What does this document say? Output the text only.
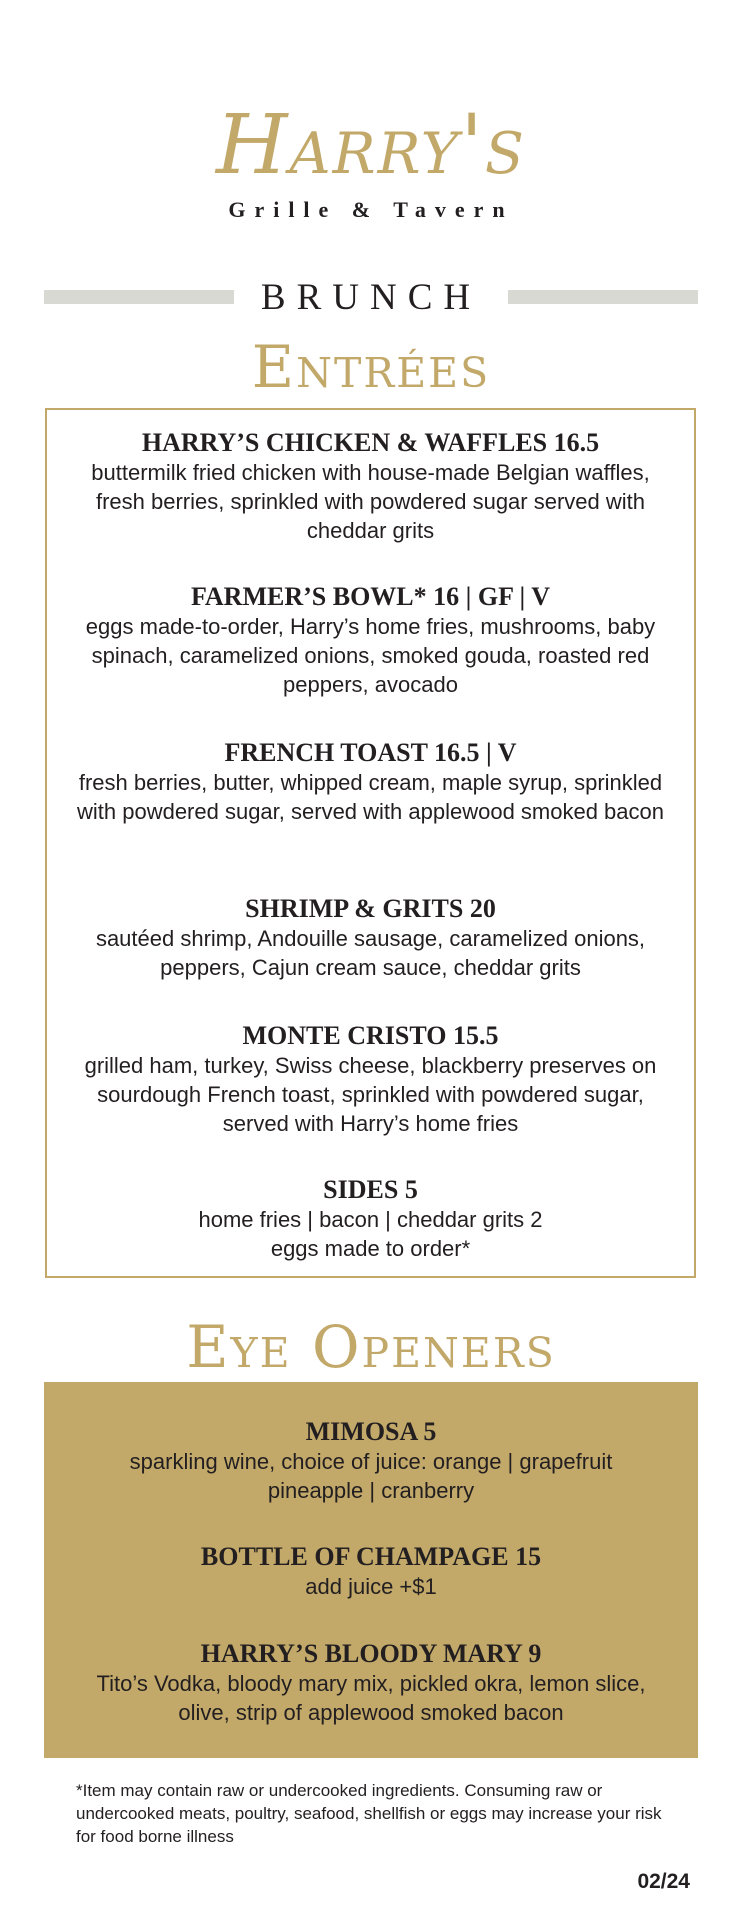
Harry's
Grille & Tavern
BRUNCH
Entrées
HARRY’S CHICKEN & WAFFLES 16.5
buttermilk fried chicken with house-made Belgian waffles, fresh berries, sprinkled with powdered sugar served with cheddar grits
FARMER’S BOWL* 16 | GF | V
eggs made-to-order, Harry’s home fries, mushrooms, baby spinach, caramelized onions, smoked gouda, roasted red peppers, avocado
FRENCH TOAST 16.5 | V
fresh berries, butter, whipped cream, maple syrup, sprinkled with powdered sugar, served with applewood smoked bacon
SHRIMP & GRITS 20
sautéed shrimp, Andouille sausage, caramelized onions, peppers, Cajun cream sauce, cheddar grits
MONTE CRISTO 15.5
grilled ham, turkey, Swiss cheese, blackberry preserves on sourdough French toast, sprinkled with powdered sugar, served with Harry’s home fries
SIDES 5
home fries | bacon | cheddar grits 2 eggs made to order*
Eye Openers
MIMOSA 5
sparkling wine, choice of juice: orange | grapefruit pineapple | cranberry
BOTTLE OF CHAMPAGE 15
add juice +$1
HARRY’S BLOODY MARY 9
Tito’s Vodka, bloody mary mix, pickled okra, lemon slice, olive, strip of applewood smoked bacon
*Item may contain raw or undercooked ingredients. Consuming raw or undercooked meats, poultry, seafood, shellfish or eggs may increase your risk for food borne illness
02/24
